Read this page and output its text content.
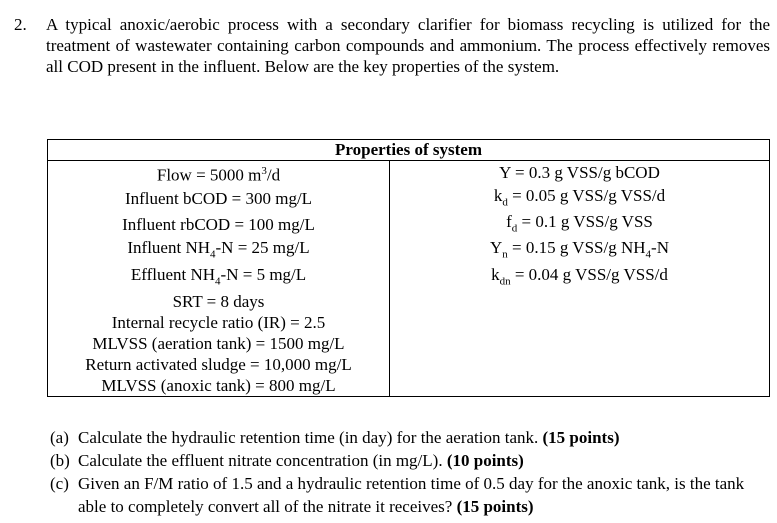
2. A typical anoxic/aerobic process with a secondary clarifier for biomass recycling is utilized for the treatment of wastewater containing carbon compounds and ammonium. The process effectively removes all COD present in the influent. Below are the key properties of the system.
Properties of system	
Flow = 5000 $m^3/d$	Y = 0.3 g VSS/g bCOD
Influent bCOD = 300 mg/L	$k_d = 0.05$ g VSS/g VSS/d
Influent rbCOD = 100 mg/L	$f_d = 0.1$ g VSS/g VSS
Influent $NH_4-N = 25$ mg/L	$Y_n = 0.15$ g VSS/g $NH_4-N$
Effluent $NH_4-N = 5$ mg/L	$k_{dn} = 0.04$ g VSS/g VSS/d
SRT = 8 days	
Internal recycle ratio (IR) = 2.5	
MLVSS (aeration tank) = 1500 mg/L	
Return activated sludge = 10,000 mg/L	
MLVSS (anoxic tank) = 800 mg/L	
(a) Calculate the hydraulic retention time (in day) for the aeration tank. (15 points)
(b) Calculate the effluent nitrate concentration (in mg/L). (10 points)
(c) Given an F/M ratio of 1.5 and a hydraulic retention time of 0.5 day for the anoxic tank, is the tank able to completely convert all of the nitrate it receives? (15 points)
